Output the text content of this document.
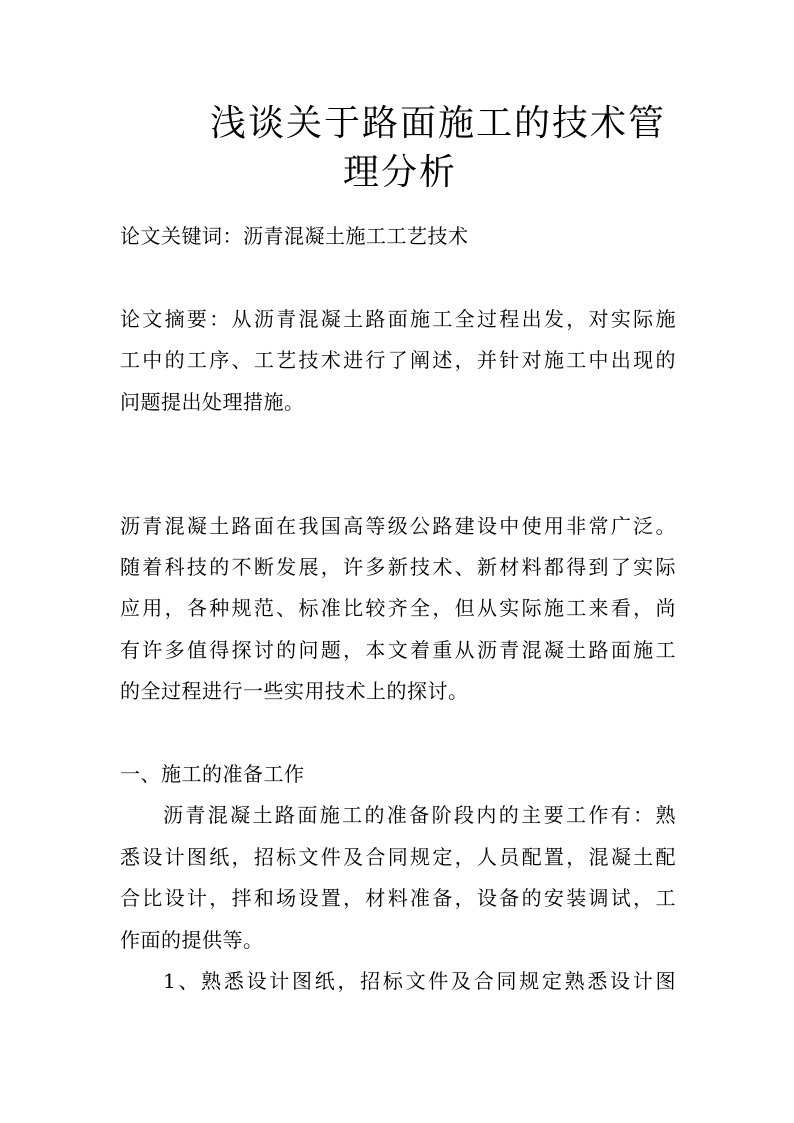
浅谈关于路面施工的技术管
理分析
论文关键词：沥青混凝土施工工艺技术
论文摘要：从沥青混凝土路面施工全过程出发，对实际施
工中的工序、工艺技术进行了阐述，并针对施工中出现的
问题提出处理措施。
沥青混凝土路面在我国高等级公路建设中使用非常广泛。
随着科技的不断发展，许多新技术、新材料都得到了实际
应用，各种规范、标准比较齐全，但从实际施工来看，尚
有许多值得探讨的问题，本文着重从沥青混凝土路面施工
的全过程进行一些实用技术上的探讨。
一、施工的准备工作
沥青混凝土路面施工的准备阶段内的主要工作有：熟
悉设计图纸，招标文件及合同规定，人员配置，混凝土配
合比设计，拌和场设置，材料准备，设备的安装调试，工
作面的提供等。
1、熟悉设计图纸，招标文件及合同规定熟悉设计图
